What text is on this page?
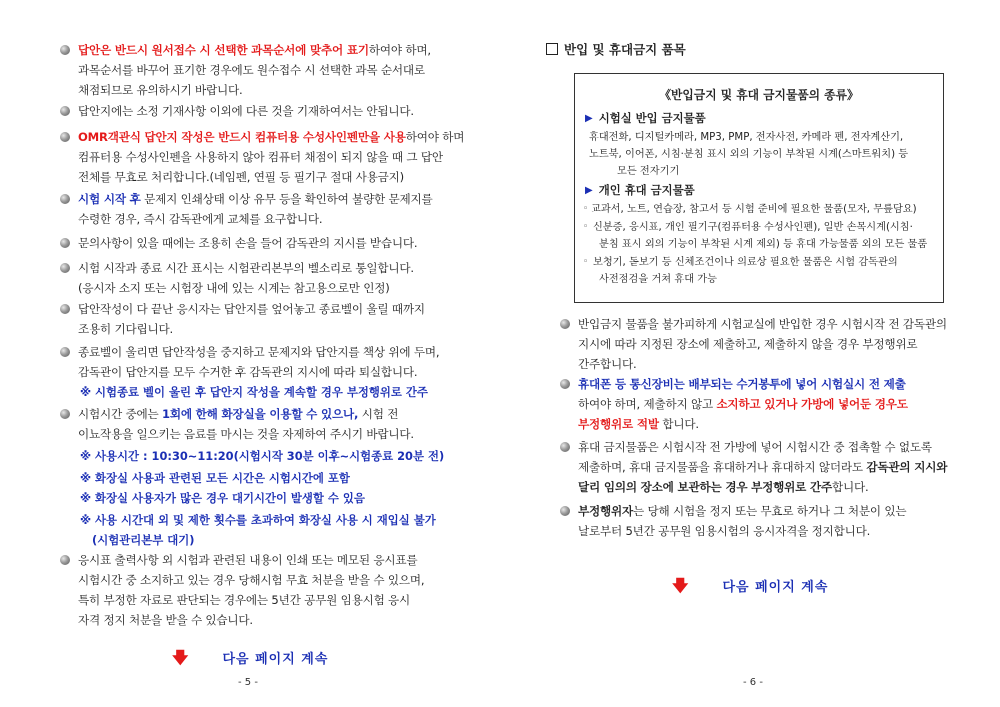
답안은 반드시 원서접수 시 선택한 과목순서에 맞추어 표기하여야 하며,
과목순서를 바꾸어 표기한 경우에도 원수접수 시 선택한 과목 순서대로
채점되므로 유의하시기 바랍니다.
답안지에는 소정 기재사항 이외에 다른 것을 기재하여서는 안됩니다.
OMR객관식 답안지 작성은 반드시 컴퓨터용 수성사인펜만을 사용하여야 하며
컴퓨터용 수성사인펜을 사용하지 않아 컴퓨터 채점이 되지 않을 때 그 답안
전체를 무효로 처리합니다.(네임펜, 연필 등 필기구 절대 사용금지)
시험 시작 후 문제지 인쇄상태 이상 유무 등을 확인하여 불량한 문제지를
수령한 경우, 즉시 감독관에게 교체를 요구합니다.
문의사항이 있을 때에는 조용히 손을 들어 감독관의 지시를 받습니다.
시험 시작과 종료 시간 표시는 시험관리본부의 벨소리로 통일합니다.
(응시자 소지 또는 시험장 내에 있는 시계는 참고용으로만 인정)
답안작성이 다 끝난 응시자는 답안지를 엎어놓고 종료벨이 울릴 때까지
조용히 기다립니다.
종료벨이 울리면 답안작성을 중지하고 문제지와 답안지를 책상 위에 두며,
감독관이 답안지를 모두 수거한 후 감독관의 지시에 따라 퇴실합니다.
시험시간 중에는 1회에 한해 화장실을 이용할 수 있으나, 시험 전
이뇨작용을 일으키는 음료를 마시는 것을 자제하여 주시기 바랍니다.
응시표 출력사항 외 시험과 관련된 내용이 인쇄 또는 메모된 응시표를
시험시간 중 소지하고 있는 경우 당해시험 무효 처분을 받을 수 있으며,
특히 부정한 자료로 판단되는 경우에는 5년간 공무원 임용시험 응시
자격 정지 처분을 받을 수 있습니다.
※ 시험종료 벨이 울린 후 답안지 작성을 계속할 경우 부정행위로 간주
※ 사용시간 : 10:30~11:20(시험시작 30분 이후~시험종료 20분 전)
※ 화장실 사용과 관련된 모든 시간은 시험시간에 포함
※ 화장실 사용자가 많은 경우 대기시간이 발생할 수 있음
※ 사용 시간대 외 및 제한 횟수를 초과하여 화장실 사용 시 재입실 불가
(시험관리본부 대기)
🡇	다음 페이지 계속
- 5 -
반입 및 휴대금지 품목
《반입금지 및 휴대 금지물품의 종류》
▶ 시험실 반입 금지물품
휴대전화, 디지털카메라, MP3, PMP, 전자사전, 카메라 펜, 전자계산기,
노트북, 이어폰, 시침·분침 표시 외의 기능이 부착된 시계(스마트워치) 등
모든 전자기기
▶ 개인 휴대 금지물품
◦ 교과서, 노트, 연습장, 참고서 등 시험 준비에 필요한 물품(모자, 무릎담요)
◦ 신분증, 응시표, 개인 필기구(컴퓨터용 수성사인펜), 일반 손목시계(시침·
분침 표시 외의 기능이 부착된 시계 제외) 등 휴대 가능물품 외의 모든 물품
◦ 보청기, 돋보기 등 신체조건이나 의료상 필요한 물품은 시험 감독관의
사전점검을 거쳐 휴대 가능
반입금지 물품을 불가피하게 시험교실에 반입한 경우 시험시작 전 감독관의
지시에 따라 지정된 장소에 제출하고, 제출하지 않을 경우 부정행위로
간주합니다.
휴대폰 등 통신장비는 배부되는 수거봉투에 넣어 시험실시 전 제출
하여야 하며, 제출하지 않고 소지하고 있거나 가방에 넣어둔 경우도
부정행위로 적발 합니다.
휴대 금지물품은 시험시작 전 가방에 넣어 시험시간 중 접촉할 수 없도록
제출하며, 휴대 금지물품을 휴대하거나 휴대하지 않더라도 감독관의 지시와
달리 임의의 장소에 보관하는 경우 부정행위로 간주합니다.
부정행위자는 당해 시험을 정지 또는 무효로 하거나 그 처분이 있는
날로부터 5년간 공무원 임용시험의 응시자격을 정지합니다.
🡇	다음 페이지 계속
- 6 -
